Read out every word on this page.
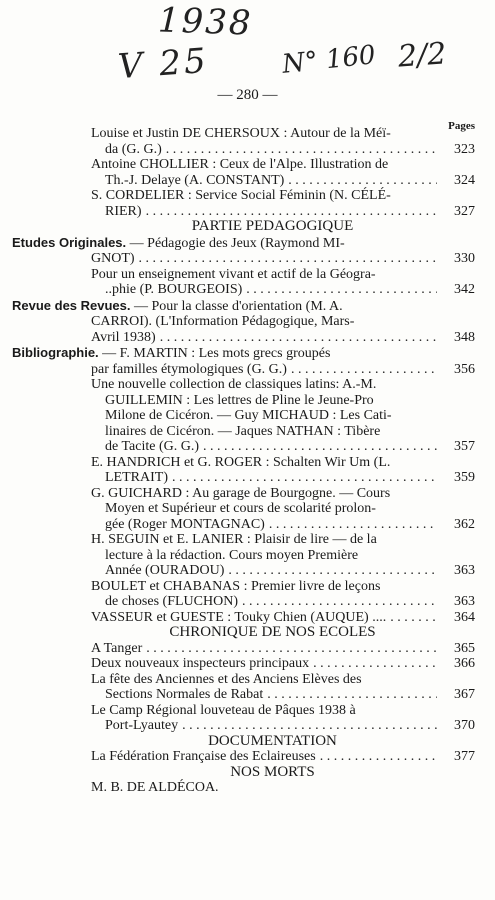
1938
V 25	N° 160 2/2
— 280 —
Pages
Louise et Justin DE CHERSOUX : Autour de la Méï-
da (G. G.) . . .	323
Antoine CHOLLIER : Ceux de l'Alpe. Illustration de
Th.-J. Delaye (A. CONSTANT) . . .	324
S. CORDELIER : Service Social Féminin (N. CÉLÉ-
RIER) . . .	327
PARTIE PEDAGOGIQUE
Etudes Originales.
— Pédagogie des Jeux (Raymond MI-
GNOT) . . .	330
Pour un enseignement vivant et actif de la Géogra-
..phie (P. BOURGEOIS) . . .	342
Revue des Revues.
— Pour la classe d'orientation (M. A.
CARROI). (L'Information Pédagogique, Mars-
Avril 1938) . . .	348
Bibliographie.
— F. MARTIN : Les mots grecs groupés
par familles étymologiques (G. G.) . . .	356
Une nouvelle collection de classiques latins: A.-M.
GUILLEMIN : Les lettres de Pline le Jeune-Pro
Milone de Cicéron. — Guy MICHAUD : Les Cati-
linaires de Cicéron. — Jaques NATHAN : Tibère
de Tacite (G. G.) . . .	357
E. HANDRICH et G. ROGER : Schalten Wir Um (L.
LETRAIT) . . .	359
G. GUICHARD : Au garage de Bourgogne. — Cours
Moyen et Supérieur et cours de scolarité prolon-
gée (Roger MONTAGNAC) . . .	362
H. SEGUIN et E. LANIER : Plaisir de lire — de la
lecture à la rédaction. Cours moyen Première
Année (OURADOU) . . .	363
BOULET et CHABANAS : Premier livre de leçons
de choses (FLUCHON) . . .	363
VASSEUR et GUESTE : Touky Chien (AUQUE) .... . . .	364
CHRONIQUE DE NOS ECOLES
A Tanger . . .	365
Deux nouveaux inspecteurs principaux . . .	366
La fête des Anciennes et des Anciens Elèves des
Sections Normales de Rabat . . .	367
Le Camp Régional louveteau de Pâques 1938 à
Port-Lyautey . . .	370
DOCUMENTATION
La Fédération Française des Eclaireuses . . .	377
NOS MORTS
M. B. DE ALDÉCOA.
